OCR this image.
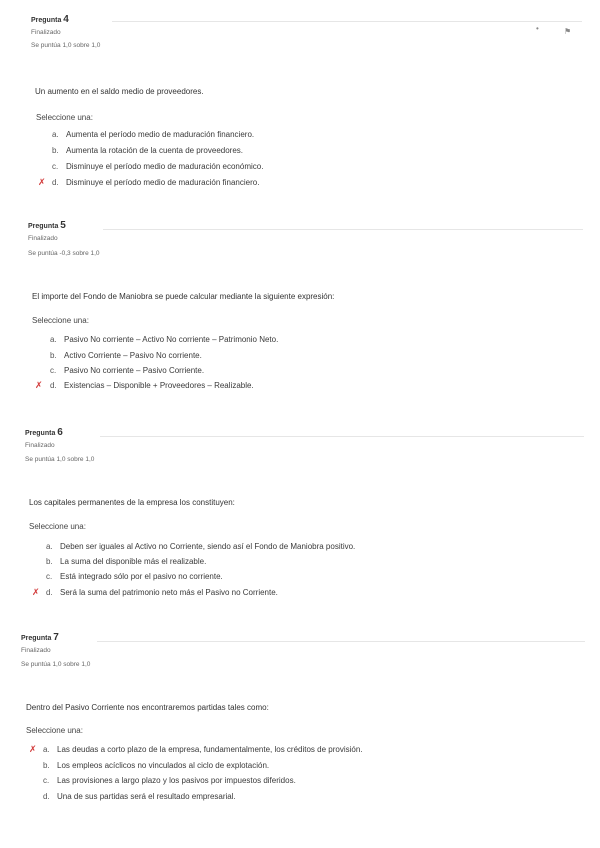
Pregunta 4
Finalizado
Se puntúa 1,0 sobre 1,0
•	⚑
Un aumento en el saldo medio de proveedores.
Seleccione una:
a. Aumenta el período medio de maduración financiero.
b. Aumenta la rotación de la cuenta de proveedores.
c. Disminuye el período medio de maduración económico.
✗ d. Disminuye el período medio de maduración financiero.
Pregunta 5
Finalizado
Se puntúa -0,3 sobre 1,0
El importe del Fondo de Maniobra se puede calcular mediante la siguiente expresión:
Seleccione una:
a. Pasivo No corriente – Activo No corriente – Patrimonio Neto.
b. Activo Corriente – Pasivo No corriente.
c. Pasivo No corriente – Pasivo Corriente.
✗ d. Existencias – Disponible + Proveedores – Realizable.
Pregunta 6
Finalizado
Se puntúa 1,0 sobre 1,0
Los capitales permanentes de la empresa los constituyen:
Seleccione una:
a. Deben ser iguales al Activo no Corriente, siendo así el Fondo de Maniobra positivo.
b. La suma del disponible más el realizable.
c. Está integrado sólo por el pasivo no corriente.
✗ d. Será la suma del patrimonio neto más el Pasivo no Corriente.
Pregunta 7
Finalizado
Se puntúa 1,0 sobre 1,0
Dentro del Pasivo Corriente nos encontraremos partidas tales como:
Seleccione una:
✗ a. Las deudas a corto plazo de la empresa, fundamentalmente, los créditos de provisión.
b. Los empleos acíclicos no vinculados al ciclo de explotación.
c. Las provisiones a largo plazo y los pasivos por impuestos diferidos.
d. Una de sus partidas será el resultado empresarial.
